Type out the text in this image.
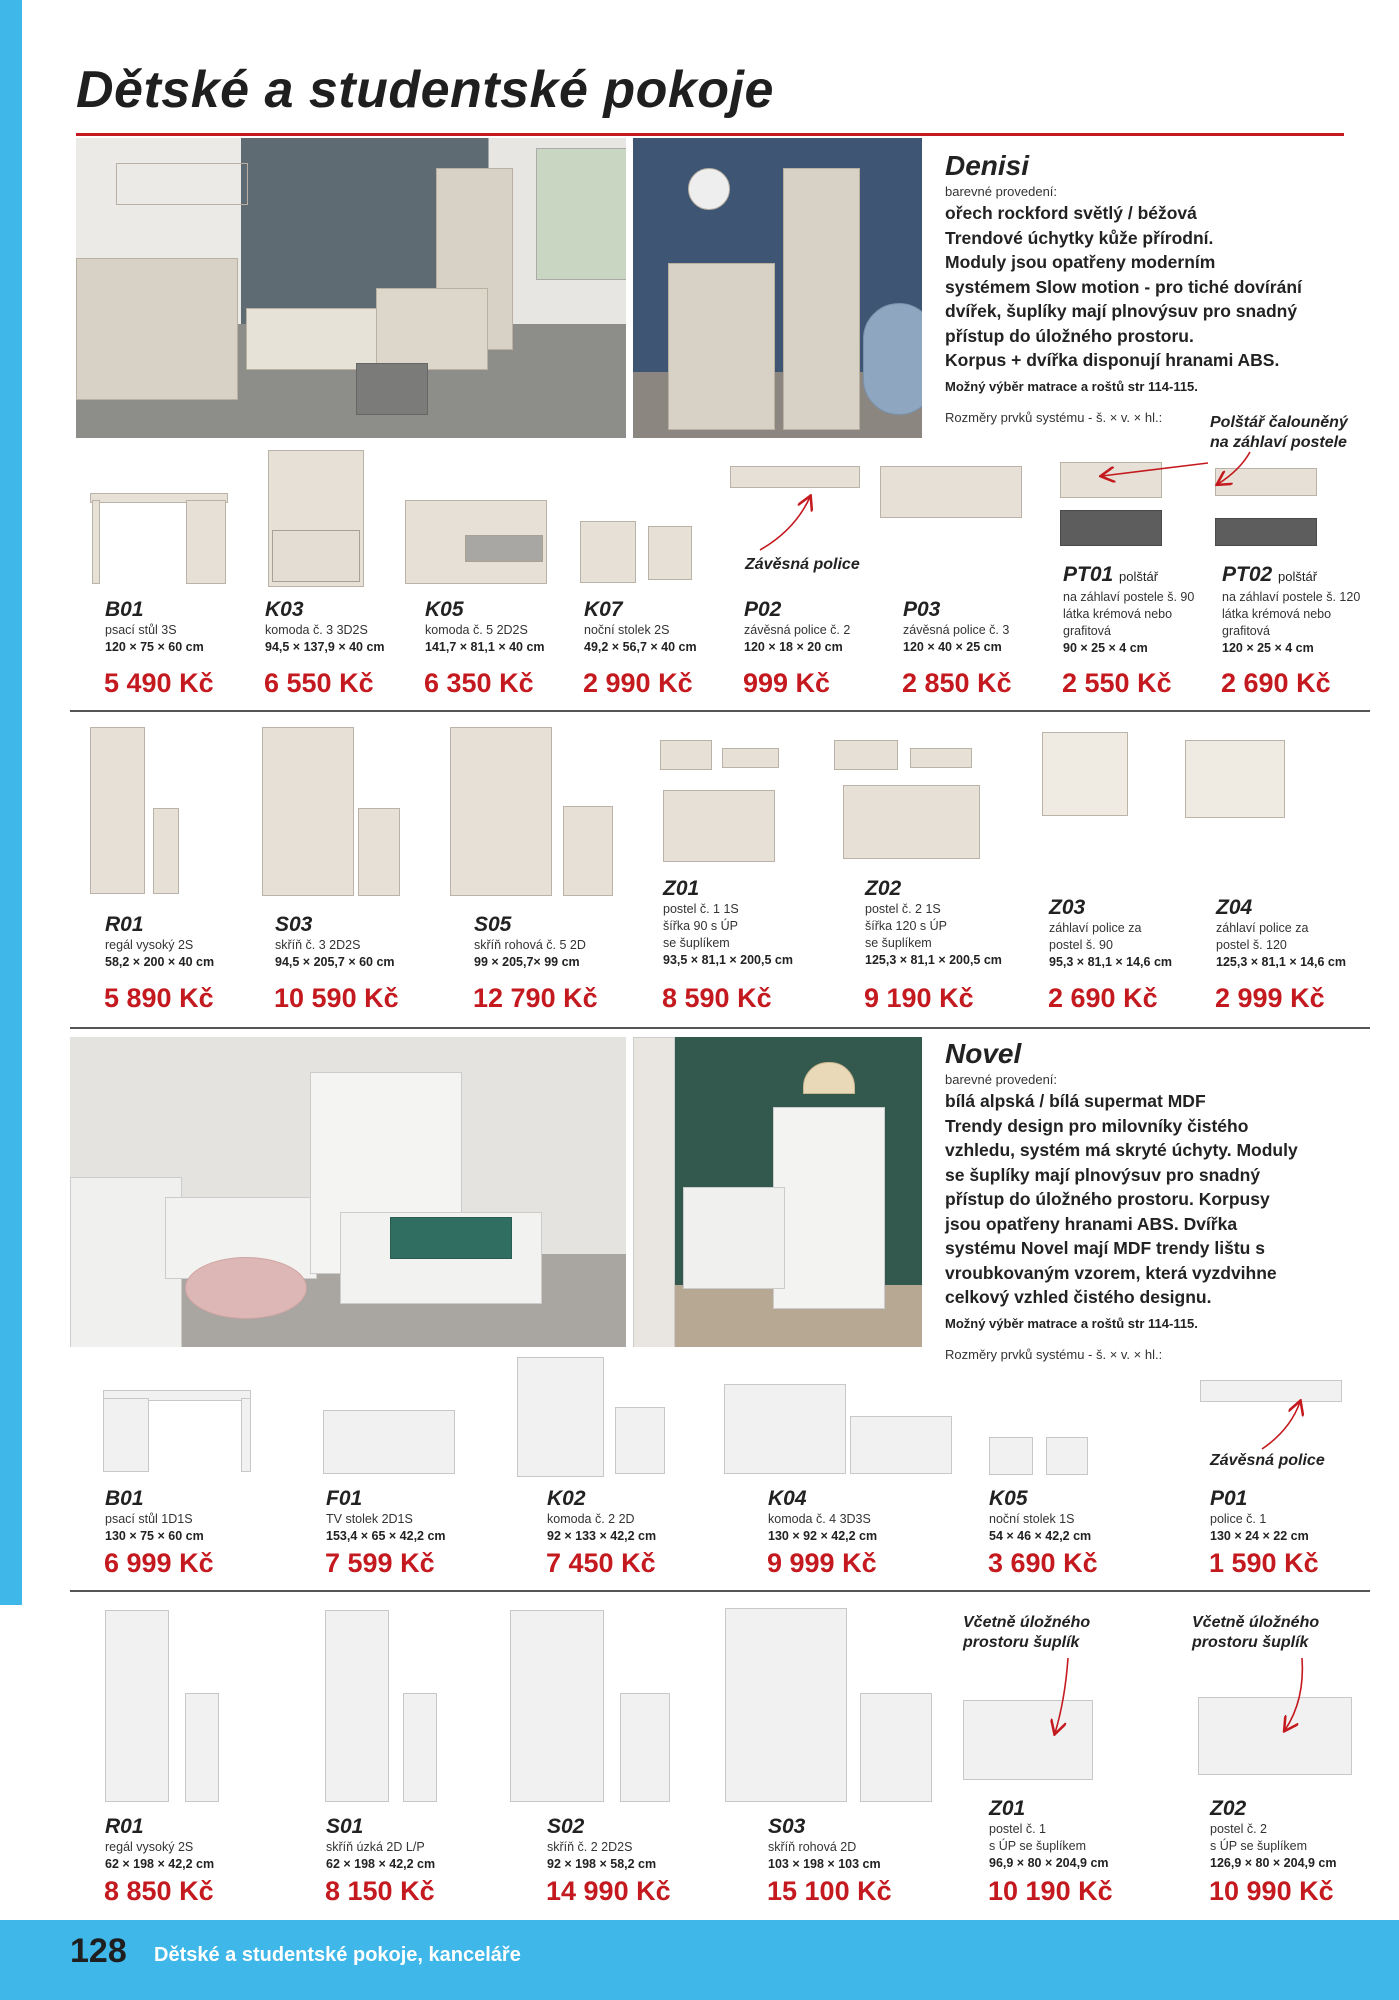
Dětské a studentské pokoje
Denisi
barevné provedení:
ořech rockford světlý / béžová
Trendové úchytky kůže přírodní.
Moduly jsou opatřeny moderním
systémem Slow motion - pro tiché dovírání
dvířek, šuplíky mají plnovýsuv pro snadný
přístup do úložného prostoru.
Korpus + dvířka disponují hranami ABS.
Možný výběr matrace a roštů str 114-115.
Rozměry prvků systému - š. × v. × hl.:	Polštář čalouněný
na záhlaví postele
Závěsná police
B01
psací stůl 3S
120 × 75 × 60 cm
5 490 Kč
K03
komoda č. 3 3D2S
94,5 × 137,9 × 40 cm
6 550 Kč
K05
komoda č. 5 2D2S
141,7 × 81,1 × 40 cm
6 350 Kč
K07
noční stolek 2S
49,2 × 56,7 × 40 cm
2 990 Kč
P02
závěsná police č. 2
120 × 18 × 20 cm
999 Kč
P03
závěsná police č. 3
120 × 40 × 25 cm
2 850 Kč
PT01 polštář
na záhlaví postele š. 90
látka krémová nebo
grafitová
90 × 25 × 4 cm
2 550 Kč
PT02 polštář
na záhlaví postele š. 120
látka krémová nebo
grafitová
120 × 25 × 4 cm
2 690 Kč
R01
regál vysoký 2S
58,2 × 200 × 40 cm
5 890 Kč
S03
skříň č. 3 2D2S
94,5 × 205,7 × 60 cm
10 590 Kč
S05
skříň rohová č. 5 2D
99 × 205,7× 99 cm
12 790 Kč
Z01
postel č. 1 1S
šířka 90 s ÚP
se šuplíkem
93,5 × 81,1 × 200,5 cm
8 590 Kč
Z02
postel č. 2 1S
šířka 120 s ÚP
se šuplíkem
125,3 × 81,1 × 200,5 cm
9 190 Kč
Z03
záhlaví police za
postel š. 90
95,3 × 81,1 × 14,6 cm
2 690 Kč
Z04
záhlaví police za
postel š. 120
125,3 × 81,1 × 14,6 cm
2 999 Kč
Novel
barevné provedení:
bílá alpská / bílá supermat MDF
Trendy design pro milovníky čistého
vzhledu, systém má skryté úchyty. Moduly
se šuplíky mají plnovýsuv pro snadný
přístup do úložného prostoru. Korpusy
jsou opatřeny hranami ABS. Dvířka
systému Novel mají MDF trendy lištu s
vroubkovaným vzorem, která vyzdvihne
celkový vzhled čistého designu.
Možný výběr matrace a roštů str 114-115.
Rozměry prvků systému - š. × v. × hl.:
Závěsná police
B01
psací stůl 1D1S
130 × 75 × 60 cm
6 999 Kč
F01
TV stolek 2D1S
153,4 × 65 × 42,2 cm
7 599 Kč
K02
komoda č. 2 2D
92 × 133 × 42,2 cm
7 450 Kč
K04
komoda č. 4 3D3S
130 × 92 × 42,2 cm
9 999 Kč
K05
noční stolek 1S
54 × 46 × 42,2 cm
3 690 Kč
P01
police č. 1
130 × 24 × 22 cm
1 590 Kč
Včetně úložného
prostoru šuplík
Včetně úložného
prostoru šuplík
R01
regál vysoký 2S
62 × 198 × 42,2 cm
8 850 Kč
S01
skříň úzká 2D L/P
62 × 198 × 42,2 cm
8 150 Kč
S02
skříň č. 2 2D2S
92 × 198 × 58,2 cm
14 990 Kč
S03
skříň rohová 2D
103 × 198 × 103 cm
15 100 Kč
Z01
postel č. 1
s ÚP se šuplíkem
96,9 × 80 × 204,9 cm
10 190 Kč
Z02
postel č. 2
s ÚP se šuplíkem
126,9 × 80 × 204,9 cm
10 990 Kč
128 Dětské a studentské pokoje, kanceláře
